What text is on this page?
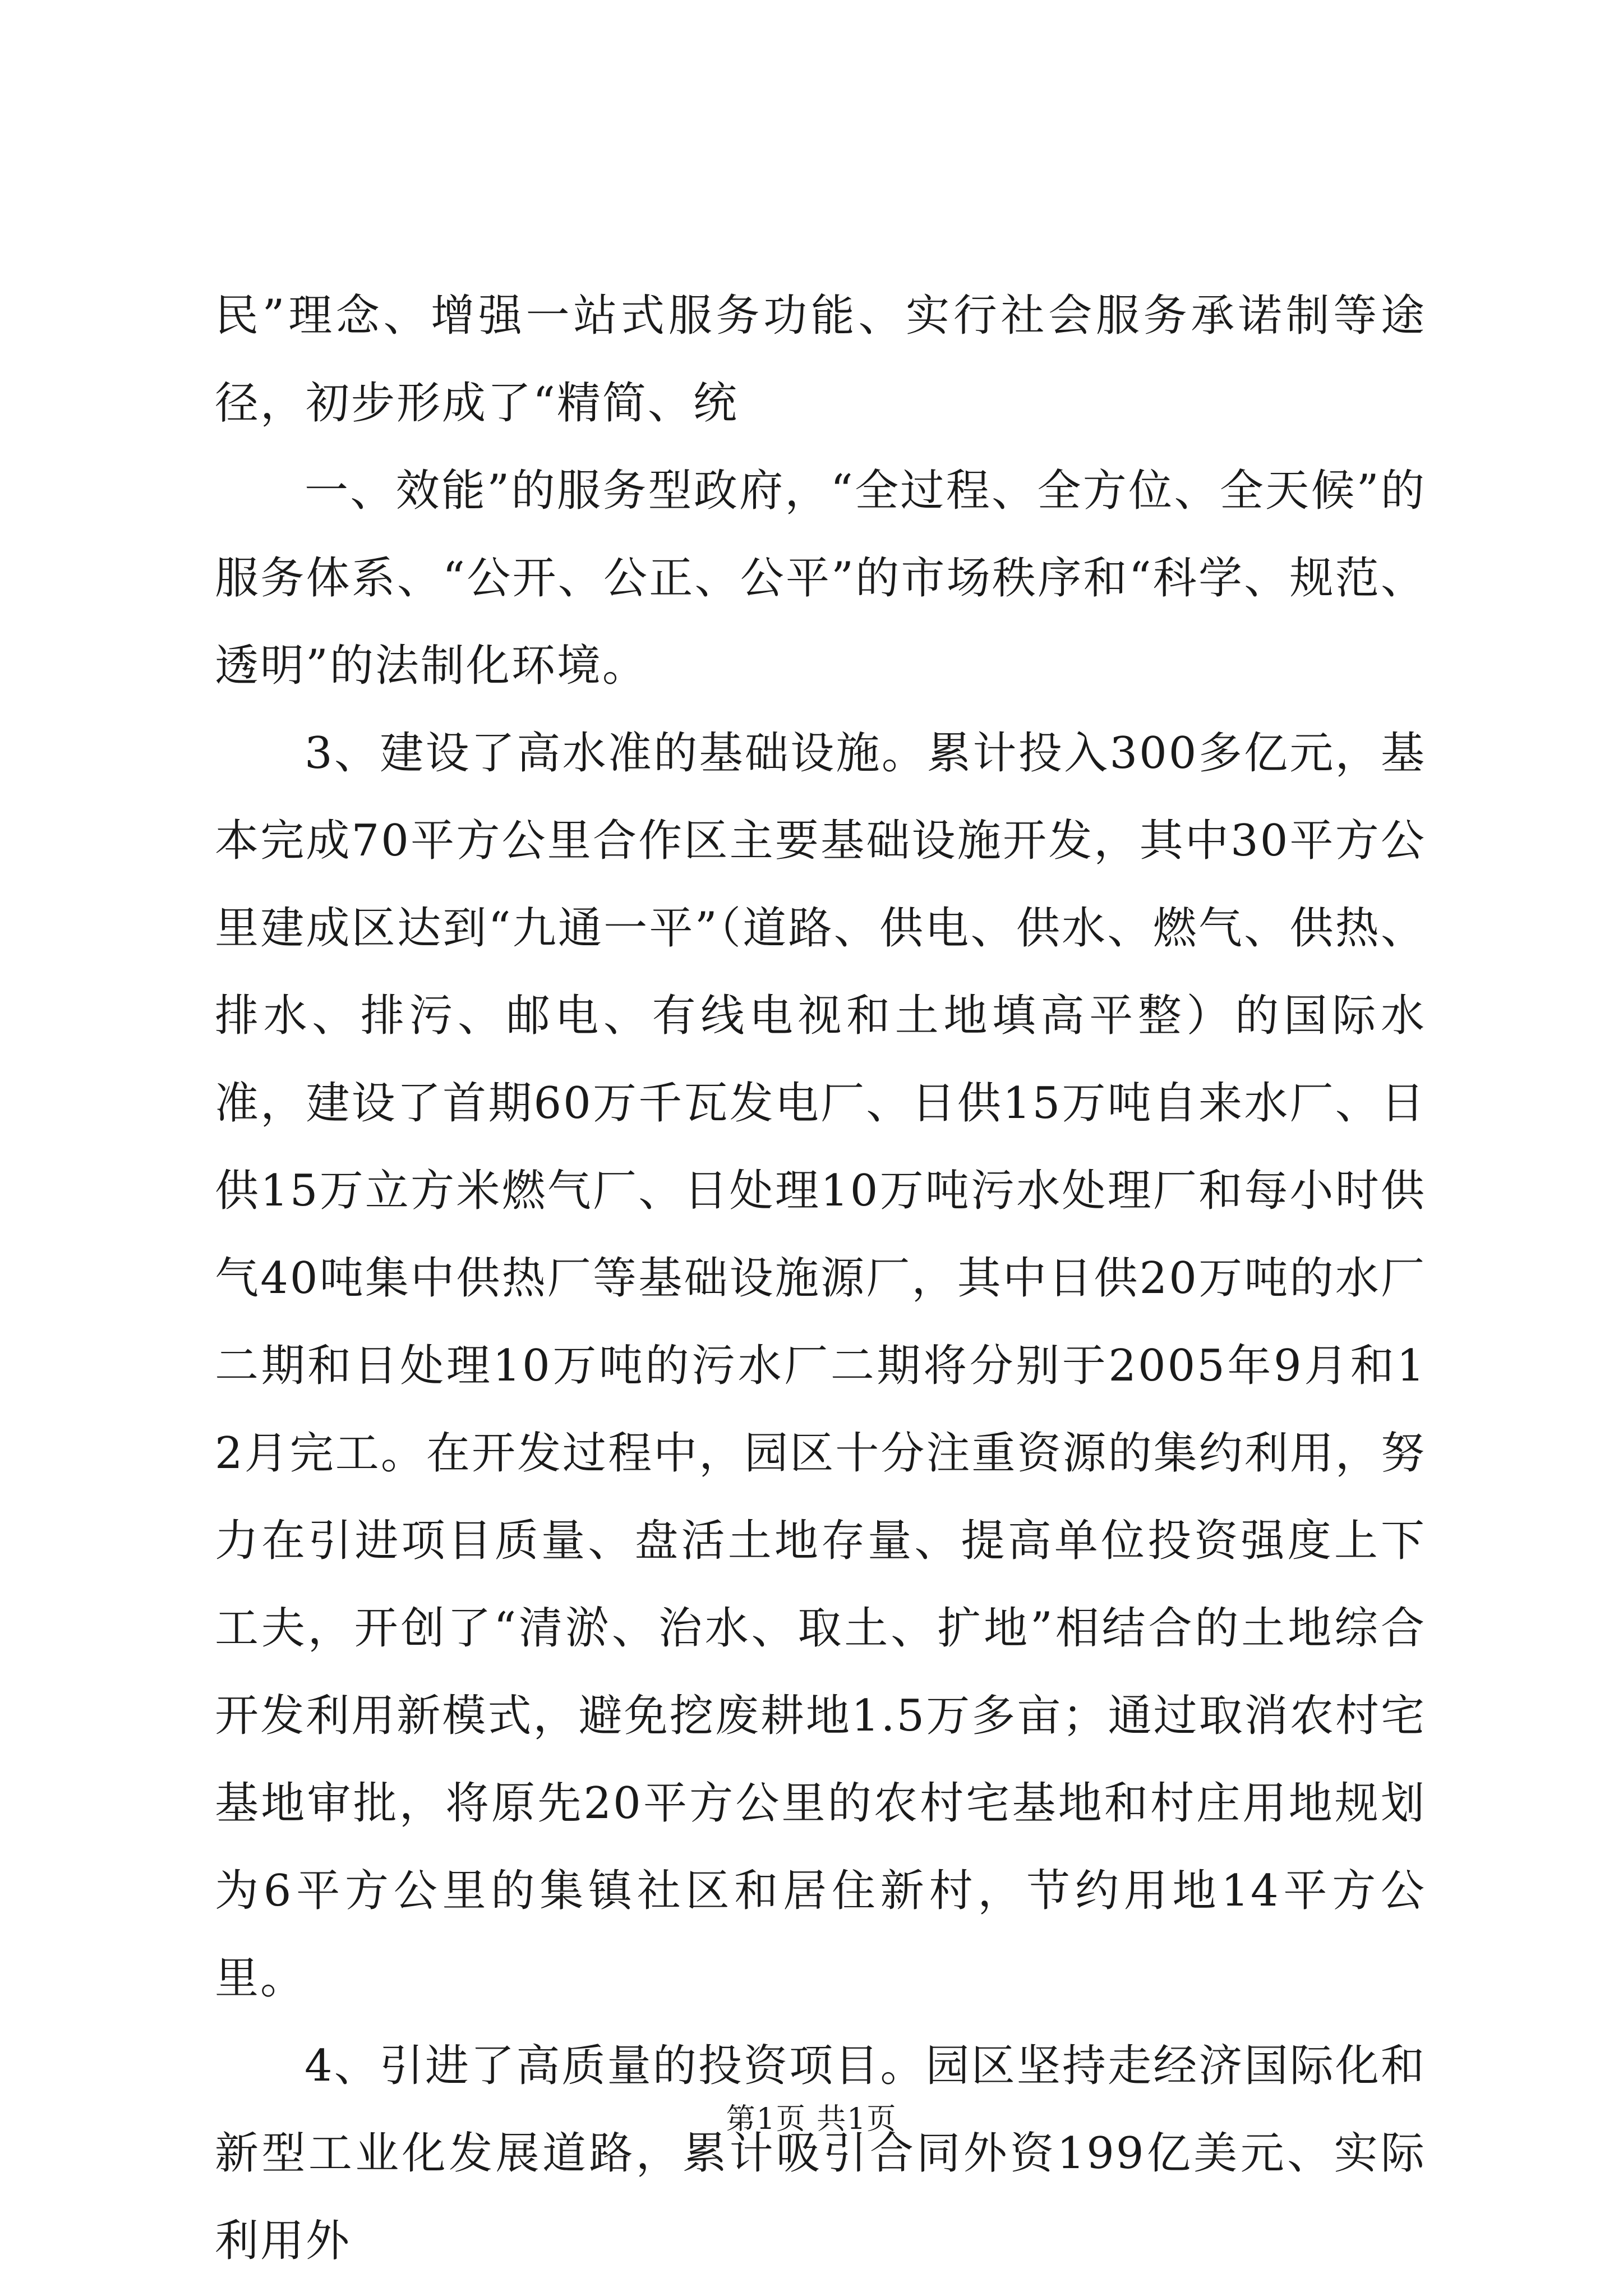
民”理念、增强一站式服务功能、实行社会服务承诺制等途径，初步形成了“精简、统

一、效能”的服务型政府，“全过程、全方位、全天候”的服务体系、“公开、公正、公平”的市场秩序和“科学、规范、透明”的法制化环境。

3、建设了高水准的基础设施。累计投入300多亿元，基本完成70平方公里合作区主要基础设施开发，其中30平方公里建成区达到“九通一平”（道路、供电、供水、燃气、供热、排水、排污、邮电、有线电视和土地填高平整）的国际水准，建设了首期60万千瓦发电厂、日供15万吨自来水厂、日供15万立方米燃气厂、日处理10万吨污水处理厂和每小时供气40吨集中供热厂等基础设施源厂，其中日供20万吨的水厂二期和日处理10万吨的污水厂二期将分别于2005年9月和12月完工。在开发过程中，园区十分注重资源的集约利用，努力在引进项目质量、盘活土地存量、提高单位投资强度上下工夫，开创了“清淤、治水、取土、扩地”相结合的土地综合开发利用新模式，避免挖废耕地1.5万多亩；通过取消农村宅基地审批，将原先20平方公里的农村宅基地和村庄用地规划为6平方公里的集镇社区和居住新村，节约用地14平方公里。

4、引进了高质量的投资项目。园区坚持走经济国际化和新型工业化发展道路，累计吸引合同外资199亿美元、实际利用外

第1页 共1页
